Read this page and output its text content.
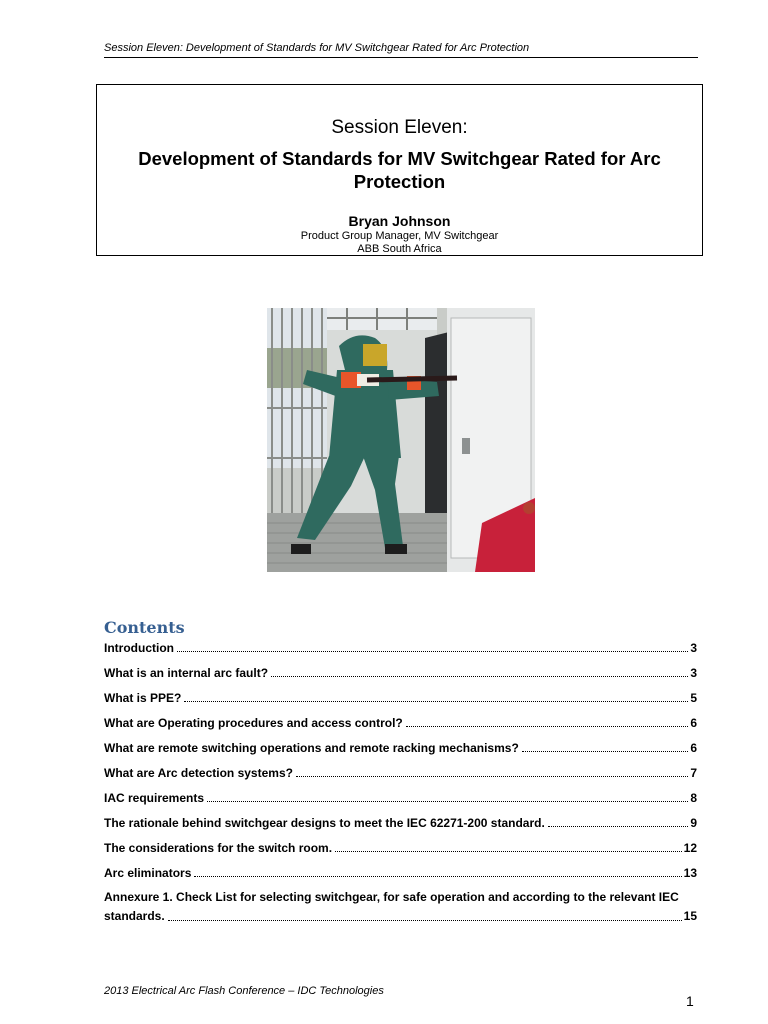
Session Eleven: Development of Standards for MV Switchgear Rated for Arc Protection
Session Eleven:
Development of Standards for MV Switchgear Rated for Arc Protection
Bryan Johnson
Product Group Manager, MV Switchgear
ABB South Africa
Contents
Introduction	3
What is an internal arc fault?	3
What is PPE?	5
What are Operating procedures and access control?	6
What are remote switching operations and remote racking mechanisms?	6
What are Arc detection systems?	7
IAC requirements	8
The rationale behind switchgear designs to meet the IEC 62271-200 standard.	9
The considerations for the switch room.	12
Arc eliminators	13
Annexure 1. Check List for selecting switchgear, for safe operation and according to the relevant IEC
standards.	15
2013 Electrical Arc Flash Conference – IDC Technologies
1
